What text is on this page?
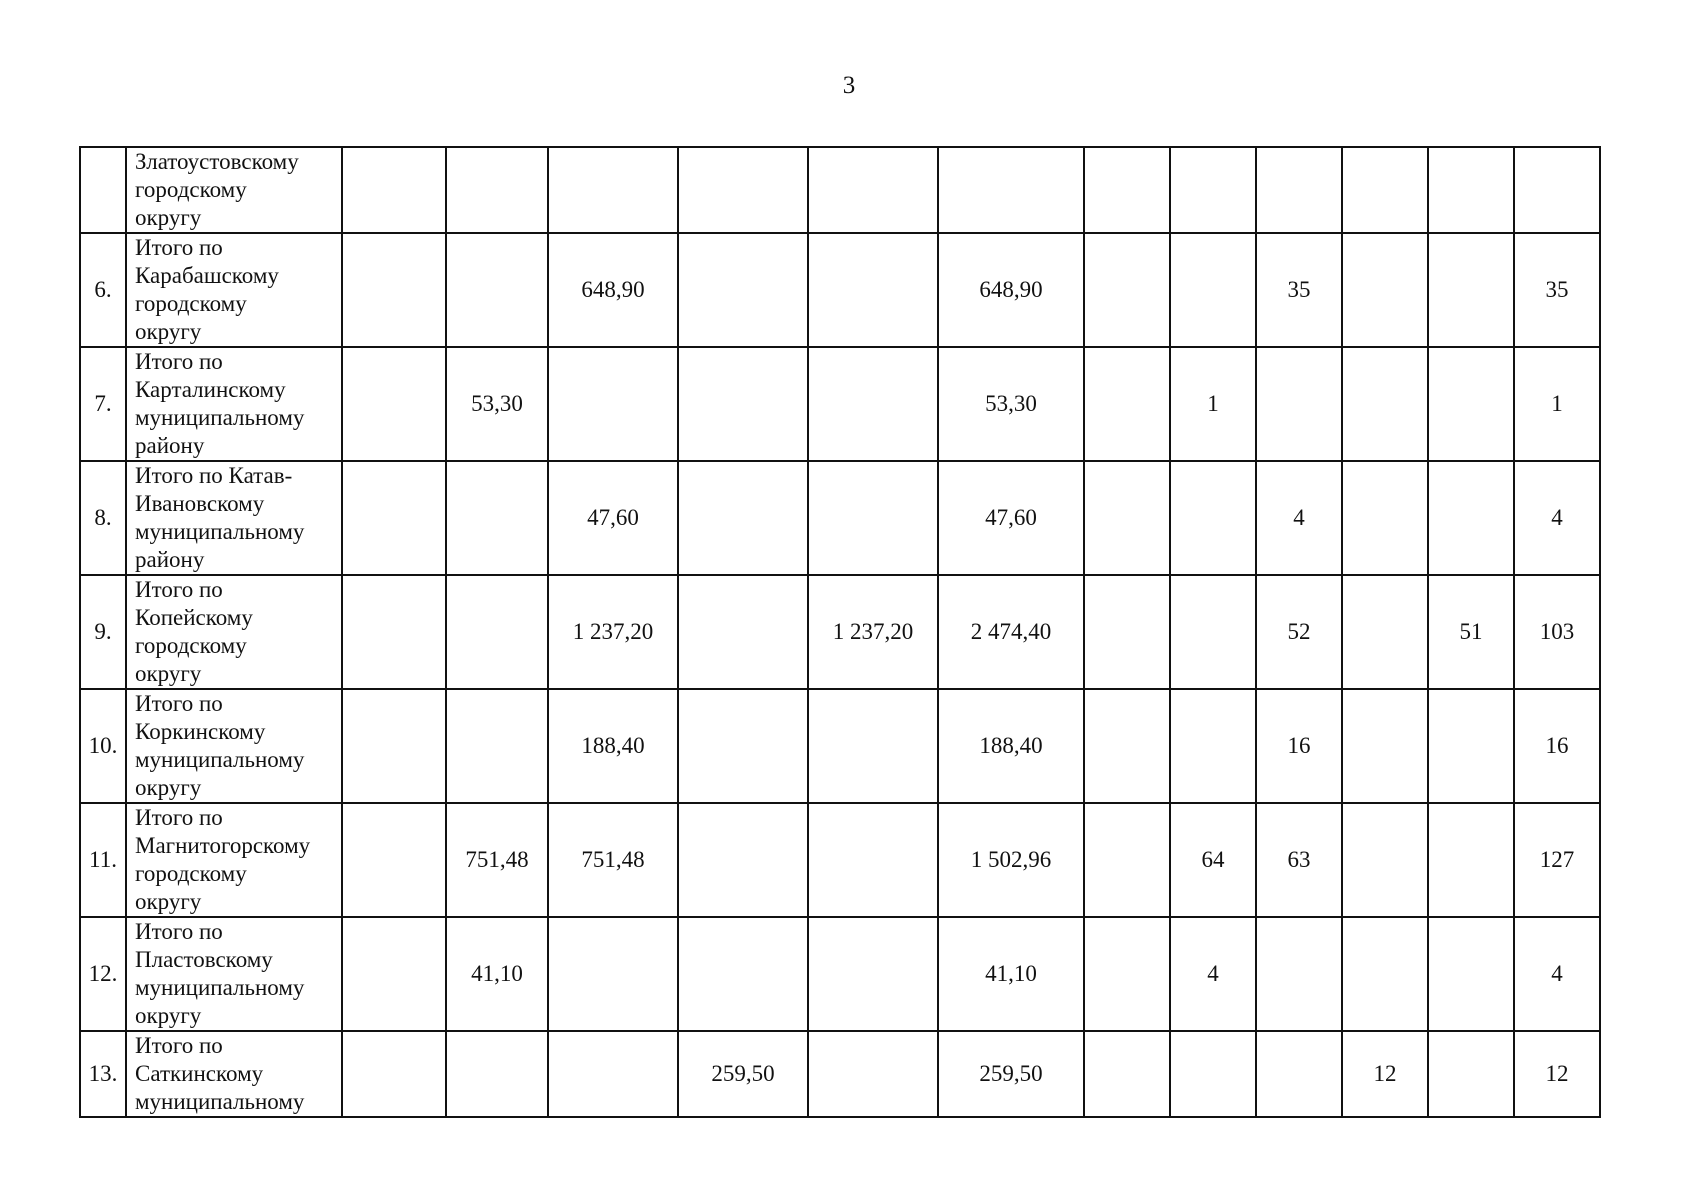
3

	Златоустовскому
городскому
округу												

6.	Итого по
Карабашскому
городскому
округу			648,90			648,90			35			35
7.	Итого по
Карталинскому
муниципальному
району		53,30				53,30		1				1
8.	Итого по Катав-
Ивановскому
муниципальному
району			47,60			47,60			4			4
9.	Итого по
Копейскому
городскому
округу			1 237,20		1 237,20	2 474,40			52		51	103
10.	Итого по
Коркинскому
муниципальному
округу			188,40			188,40			16			16
11.	Итого по
Магнитогорскому
городскому
округу		751,48	751,48			1 502,96		64	63			127
12.	Итого по
Пластовскому
муниципальному
округу		41,10				41,10		4				4
13.	Итого по
Саткинскому
муниципальному				259,50		259,50				12		12
